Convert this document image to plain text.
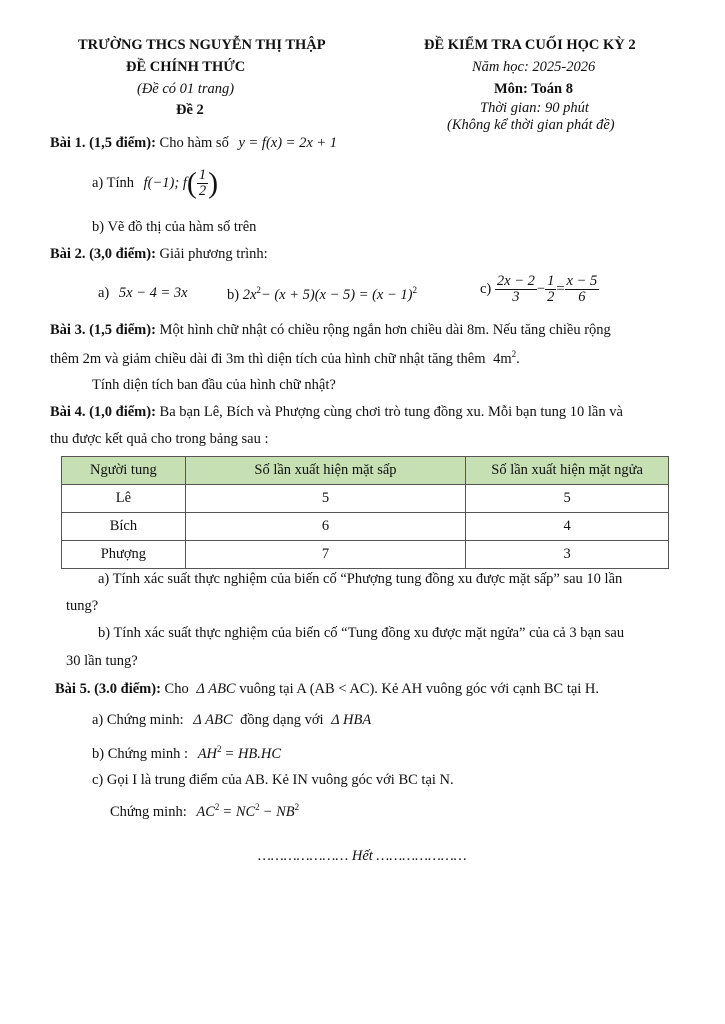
TRƯỜNG THCS NGUYỄN THỊ THẬP
ĐỀ CHÍNH THỨC
(Đề có 01 trang)
Đề 2
ĐỀ KIỂM TRA CUỐI HỌC KỲ 2
Năm học: 2025-2026
Môn: Toán 8
Thời gian: 90 phút
(Không kể thời gian phát đề)
Bài 1. (1,5 điểm): Cho hàm số y = f(x) = 2x + 1
a) Tính f(−1); $f( \frac{1}{2}$ )
b) Vẽ đồ thị của hàm số trên
Bài 2. (3,0 điểm): Giải phương trình:
a) 5x − 4 = 3x	b) $2x^2- (x + 5)(x - 5) = (x - 1)^2$	$c) \frac{2x - 2}{3} - \frac{1}{2} = \frac{x - 5}{6}$
Bài 3. (1,5 điểm): Một hình chữ nhật có chiều rộng ngắn hơn chiều dài 8m. Nếu tăng chiều rộng
thêm 2m và giảm chiều dài đi 3m thì diện tích của hình chữ nhật tăng thêm $4m^2$.
Tính diện tích ban đầu của hình chữ nhật?
Bài 4. (1,0 điểm): Ba bạn Lê, Bích và Phượng cùng chơi trò tung đồng xu. Mỗi bạn tung 10 lần và
thu được kết quả cho trong bảng sau :
Người tung	Số lần xuất hiện mặt sấp	Số lần xuất hiện mặt ngửa
Lê	5	5
Bích	6	4
Phượng	7	3
a) Tính xác suất thực nghiệm của biến cố “Phượng tung đồng xu được mặt sấp” sau 10 lần
tung?
b) Tính xác suất thực nghiệm của biến cố “Tung đồng xu được mặt ngửa” của cả 3 bạn sau
30 lần tung?
Bài 5. (3.0 điểm): Cho Δ ABC vuông tại A (AB < AC). Kẻ AH vuông góc với cạnh BC tại H.
a) Chứng minh: Δ ABC đồng dạng với Δ HBA
b) Chứng minh : $AH^2 = HB.HC$
c) Gọi I là trung điểm của AB. Kẻ IN vuông góc với BC tại N.
Chứng minh: $AC^2 = NC^2 - NB^2$
………………… Hết …………………
